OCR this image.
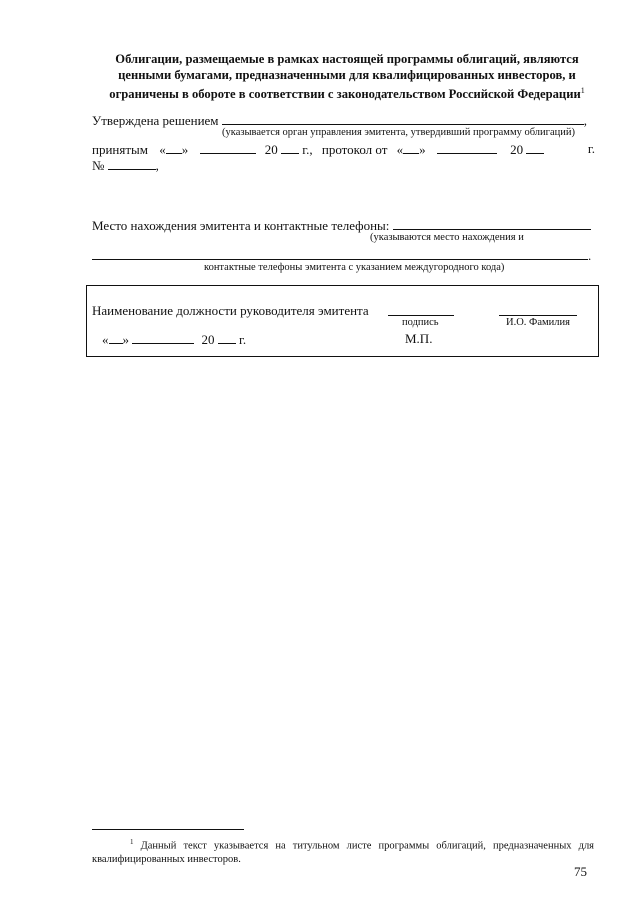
Облигации, размещаемые в рамках настоящей программы облигаций, являются
ценными бумагами, предназначенными для квалифицированных инвесторов, и
ограничены в обороте в соответствии с законодательством Российской Федерации$^1$
Утверждена решением	,
(указывается орган управления эмитента, утвердивший программу облигаций)
принятым « »	20 г., протокол от « »	20	г.
№	,
Место нахождения эмитента и контактные телефоны:
(указываются место нахождения и
.
контактные телефоны эмитента с указанием междугородного кода)
Наименование должности руководителя эмитента
подпись	И.О. Фамилия
« »	20 г.	М.П.
$^1$ Данный текст указывается на титульном листе программы облигаций, предназначенных для квалифицированных инвесторов.
75
